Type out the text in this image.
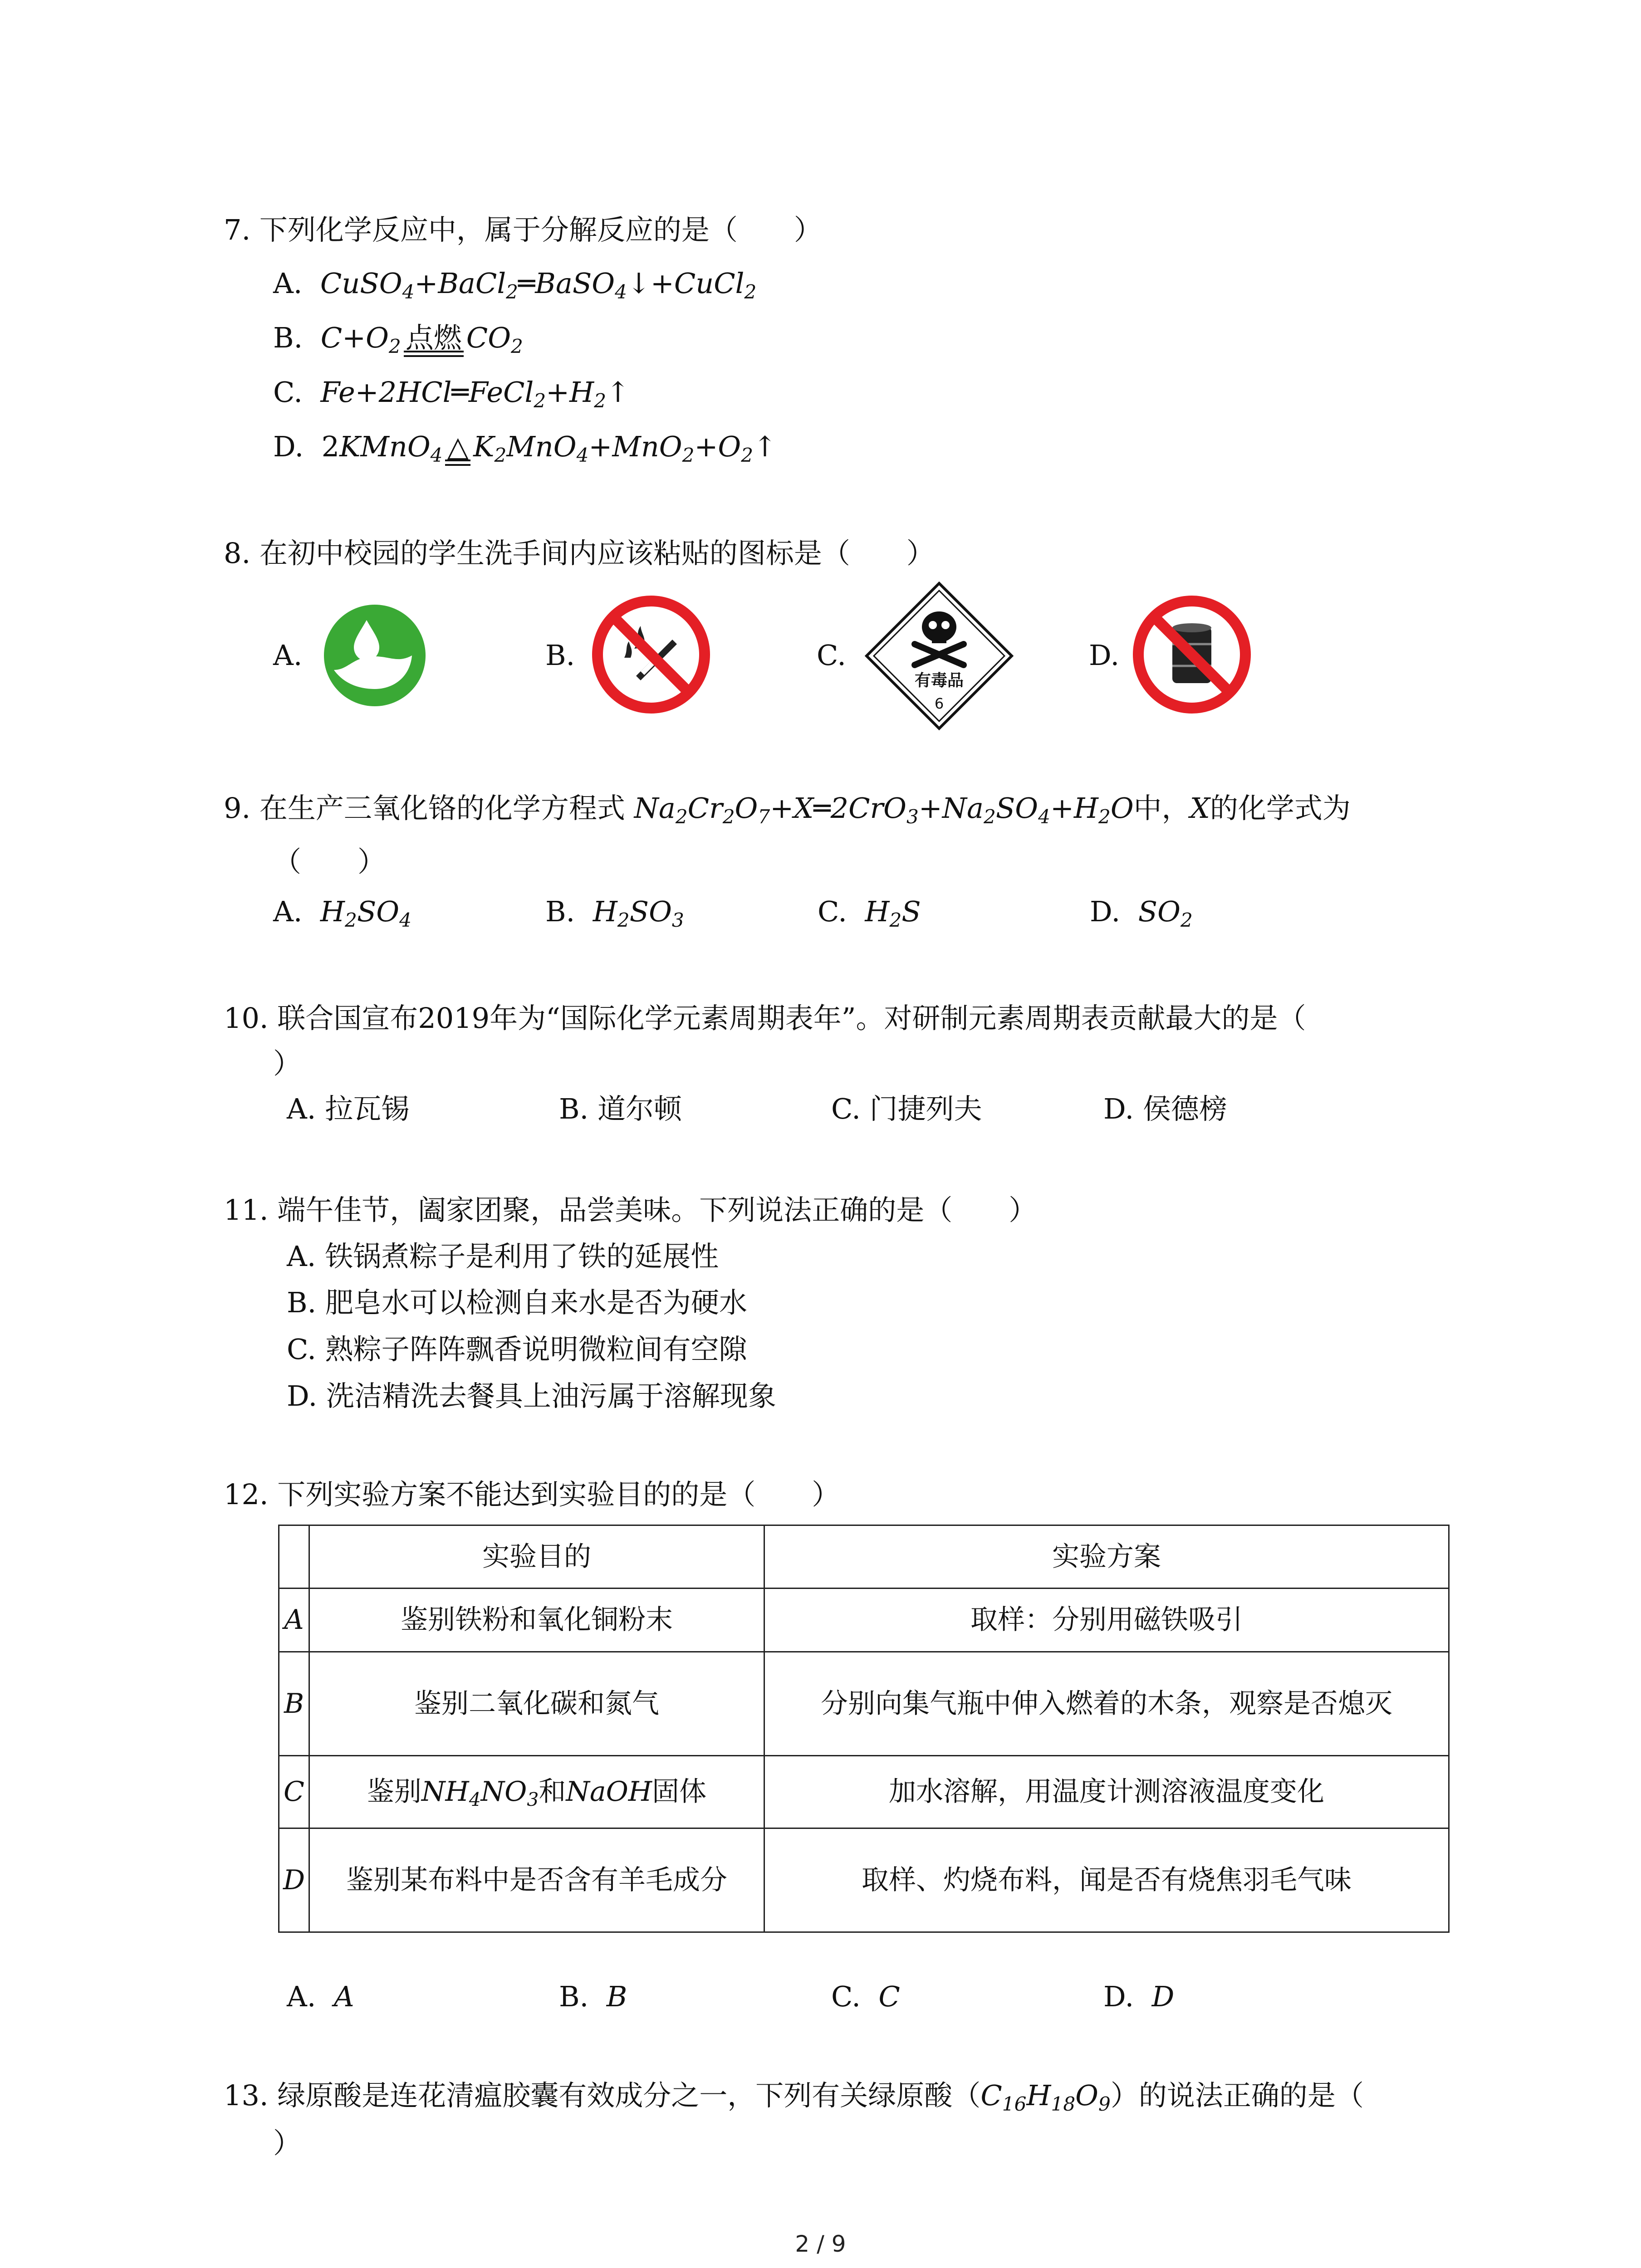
7. 下列化学反应中，属于分解反应的是（　　）
A. CuSO$_4$+BaCl$_2$═BaSO$_4$↓+CuCl$_2$
B. $C+O_2$ 点燃 $CO_2$
C. $Fe+2HCl═FeCl_2+H_2↑$
D. 2KMnO$_4$ △ $K_2MnO_4+MnO_2+O_2↑$
8. 在初中校园的学生洗手间内应该粘贴的图标是（　　）
A.	B.	C.	D.
有毒品
6
9. 在生产三氧化铬的化学方程式 $Na_2Cr_2O_7+X═2CrO_3+Na_2SO_4+H_2O$中，X的化学式为
（　　）
A. $H_2SO_4$	B. $H_2SO_3$	C. $H_2S$	D. $SO_2$
10. 联合国宣布2019年为“国际化学元素周期表年”。对研制元素周期表贡献最大的是（
）
A. 拉瓦锡	B. 道尔顿	C. 门捷列夫	D. 侯德榜
11. 端午佳节，阖家团聚，品尝美味。下列说法正确的是（　　）
A. 铁锅煮粽子是利用了铁的延展性
B. 肥皂水可以检测自来水是否为硬水
C. 熟粽子阵阵飘香说明微粒间有空隙
D. 洗洁精洗去餐具上油污属于溶解现象
12. 下列实验方案不能达到实验目的的是（　　）
	实验目的	实验方案
A	鉴别铁粉和氧化铜粉末	取样：分别用磁铁吸引
B	鉴别二氧化碳和氮气	分别向集气瓶中伸入燃着的木条，观察是否熄灭
C	鉴别$NH_4NO_3$和NaOH固体	加水溶解，用温度计测溶液温度变化
D	鉴别某布料中是否含有羊毛成分	取样、灼烧布料，闻是否有烧焦羽毛气味
A. A	B. B	C. C	D. D
13. 绿原酸是连花清瘟胶囊有效成分之一，下列有关绿原酸$(C_{16}H_{18}O_9)$的说法正确的是（
）
2 / 9
